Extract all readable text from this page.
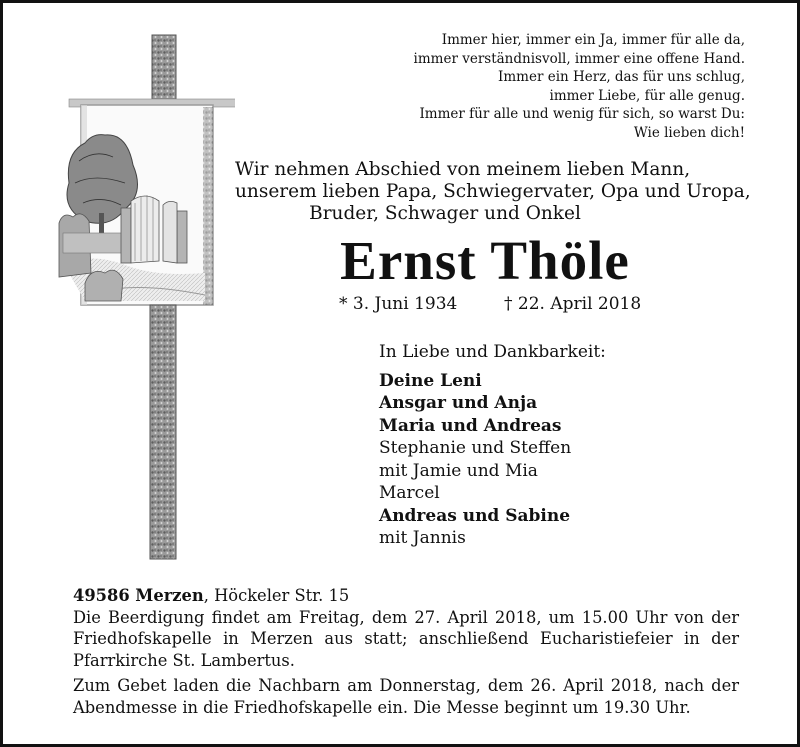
Immer hier, immer ein Ja, immer für alle da,
immer verständnisvoll, immer eine offene Hand.
Immer ein Herz, das für uns schlug,
immer Liebe, für alle genug.
Immer für alle und wenig für sich, so warst Du:
Wie lieben dich!
Wir nehmen Abschied von meinem lieben Mann,
unserem lieben Papa, Schwiegervater, Opa und Uropa,
Bruder, Schwager und Onkel
Ernst Thöle
* 3. Juni 1934	† 22. April 2018
In Liebe und Dankbarkeit:
Deine Leni
Ansgar und Anja
Maria und Andreas
Stephanie und Steffen
mit Jamie und Mia
Marcel
Andreas und Sabine
mit Jannis

49586 Merzen, Höckeler Str. 15

Die Beerdigung findet am Freitag, dem 27. April 2018, um 15.00 Uhr von der Friedhofskapelle in Merzen aus statt; anschließend Eucharistiefeier in der Pfarrkirche St. Lambertus.

Zum Gebet laden die Nachbarn am Donnerstag, dem 26. April 2018, nach der Abendmesse in die Friedhofskapelle ein. Die Messe beginnt um 19.30 Uhr.
